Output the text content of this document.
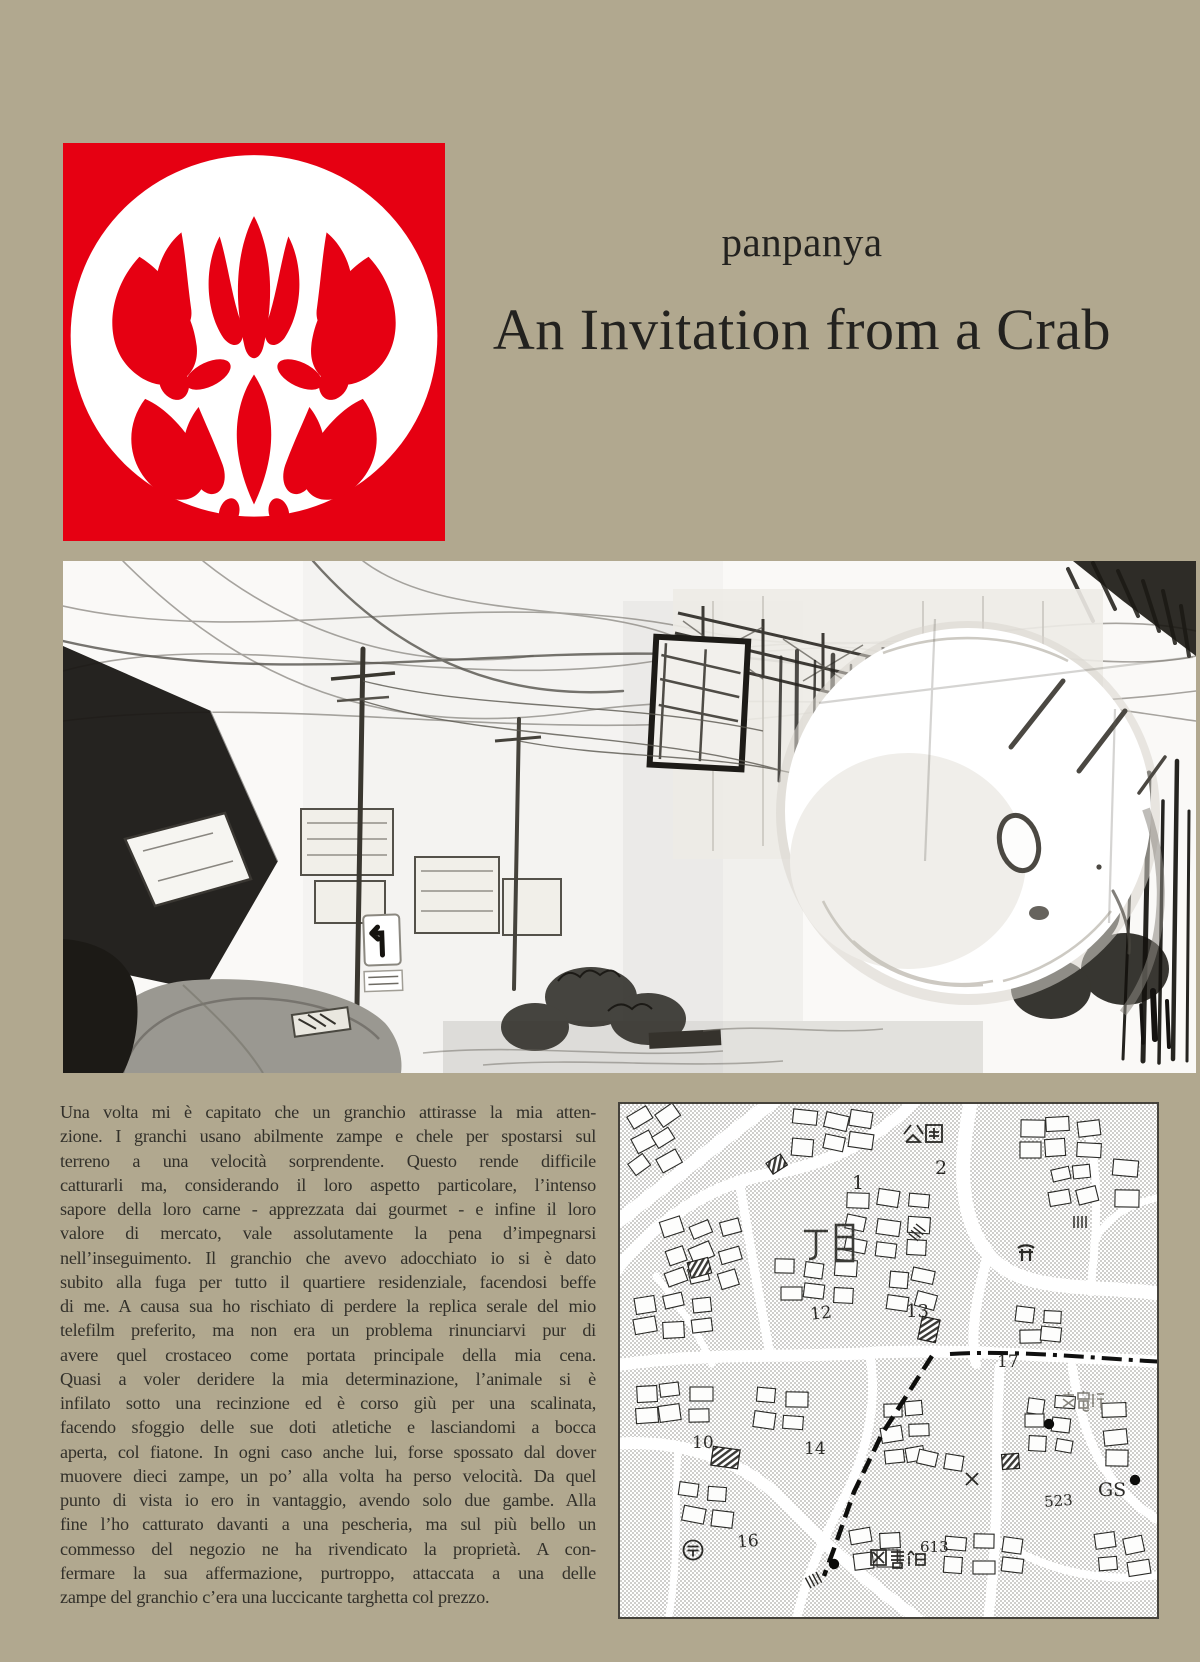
panpanya
An Invitation from a Crab
Una volta mi è capitato che un granchio attirasse la mia atten-
zione. I granchi usano abilmente zampe e chele per spostarsi sul
terreno a una velocità sorprendente. Questo rende difficile
catturarli ma, considerando il loro aspetto particolare, l’intenso
sapore della loro carne - apprezzata dai gourmet - e infine il loro
valore di mercato, vale assolutamente la pena d’impegnarsi
nell’inseguimento. Il granchio che avevo adocchiato io si è dato
subito alla fuga per tutto il quartiere residenziale, facendosi beffe
di me. A causa sua ho rischiato di perdere la replica serale del mio
telefilm preferito, ma non era un problema rinunciarvi pur di
avere quel crostaceo come portata principale della mia cena.
Quasi a voler deridere la mia determinazione, l’animale si è
infilato sotto una recinzione ed è corso giù per una scalinata,
facendo sfoggio delle sue doti atletiche e lasciandomi a bocca
aperta, col fiatone. In ogni caso anche lui, forse spossato dal dover
muovere dieci zampe, un po’ alla volta ha perso velocità. Da quel
punto di vista io ero in vantaggio, avendo solo due gambe. Alla
fine l’ho catturato davanti a una pescheria, ma sul più bello un
commesso del negozio ne ha rivendicato la proprietà. A con-
fermare la sua affermazione, purtroppo, attaccata a una delle
zampe del granchio c’era una luccicante targhetta col prezzo.
2
1
12	13
17
10	14
16	613
523 GS
